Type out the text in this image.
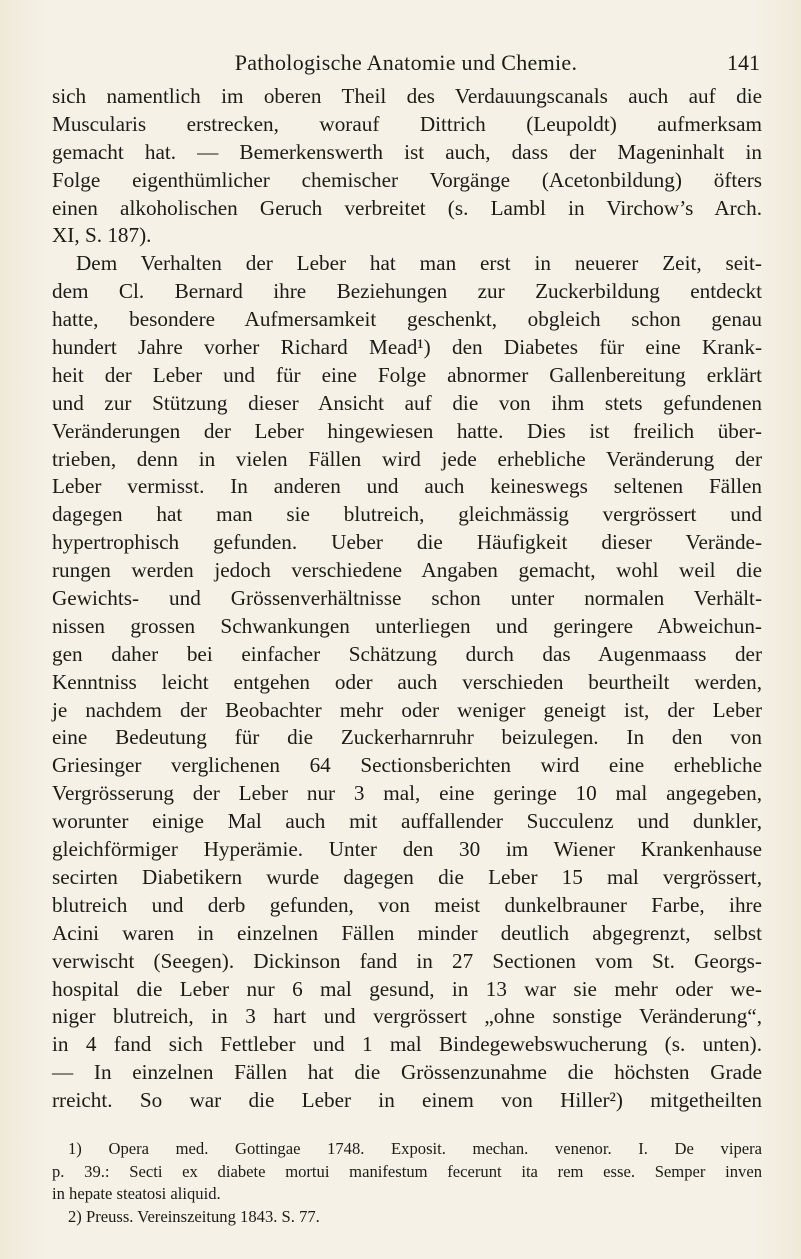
Pathologische Anatomie und Chemie.	141
sich namentlich im oberen Theil des Verdauungscanals auch auf die
Muscularis erstrecken, worauf Dittrich (Leupoldt) aufmerksam
gemacht hat. — Bemerkenswerth ist auch, dass der Mageninhalt in
Folge eigenthümlicher chemischer Vorgänge (Acetonbildung) öfters
einen alkoholischen Geruch verbreitet (s. Lambl in Virchow’s Arch.
XI, S. 187).
Dem Verhalten der Leber hat man erst in neuerer Zeit, seit-
dem Cl. Bernard ihre Beziehungen zur Zuckerbildung entdeckt
hatte, besondere Aufmersamkeit geschenkt, obgleich schon genau
hundert Jahre vorher Richard Mead¹) den Diabetes für eine Krank-
heit der Leber und für eine Folge abnormer Gallenbereitung erklärt
und zur Stützung dieser Ansicht auf die von ihm stets gefundenen
Veränderungen der Leber hingewiesen hatte. Dies ist freilich über-
trieben, denn in vielen Fällen wird jede erhebliche Veränderung der
Leber vermisst. In anderen und auch keineswegs seltenen Fällen
dagegen hat man sie blutreich, gleichmässig vergrössert und
hypertrophisch gefunden. Ueber die Häufigkeit dieser Verände-
rungen werden jedoch verschiedene Angaben gemacht, wohl weil die
Gewichts- und Grössenverhältnisse schon unter normalen Verhält-
nissen grossen Schwankungen unterliegen und geringere Abweichun-
gen daher bei einfacher Schätzung durch das Augenmaass der
Kenntniss leicht entgehen oder auch verschieden beurtheilt werden,
je nachdem der Beobachter mehr oder weniger geneigt ist, der Leber
eine Bedeutung für die Zuckerharnruhr beizulegen. In den von
Griesinger verglichenen 64 Sectionsberichten wird eine erhebliche
Vergrösserung der Leber nur 3 mal, eine geringe 10 mal angegeben,
worunter einige Mal auch mit auffallender Succulenz und dunkler,
gleichförmiger Hyperämie. Unter den 30 im Wiener Krankenhause
secirten Diabetikern wurde dagegen die Leber 15 mal vergrössert,
blutreich und derb gefunden, von meist dunkelbrauner Farbe, ihre
Acini waren in einzelnen Fällen minder deutlich abgegrenzt, selbst
verwischt (Seegen). Dickinson fand in 27 Sectionen vom St. Georgs-
hospital die Leber nur 6 mal gesund, in 13 war sie mehr oder we-
niger blutreich, in 3 hart und vergrössert „ohne sonstige Veränderung“,
in 4 fand sich Fettleber und 1 mal Bindegewebswucherung (s. unten).
— In einzelnen Fällen hat die Grössenzunahme die höchsten Grade
rreicht. So war die Leber in einem von Hiller²) mitgetheilten
1) Opera med. Gottingae 1748. Exposit. mechan. venenor. I. De vipera
p. 39.: Secti ex diabete mortui manifestum fecerunt ita rem esse. Semper inven
in hepate steatosi aliquid.
2) Preuss. Vereinszeitung 1843. S. 77.
